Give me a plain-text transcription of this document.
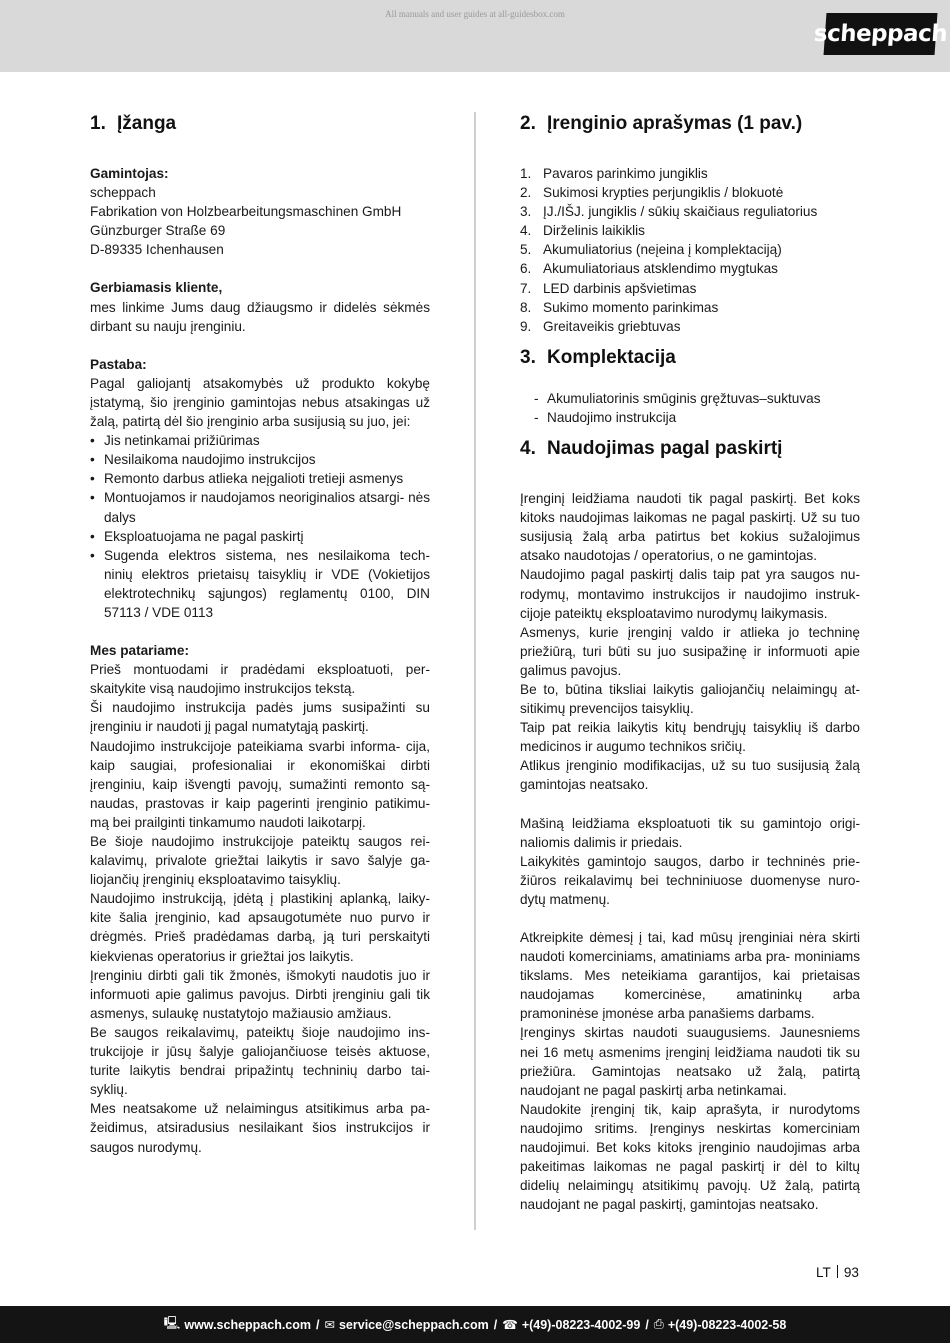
All manuals and user guides at all-guidesbox.com
scheppach
1. Įžanga
Gamintojas:
scheppach
Fabrikation von Holzbearbeitungsmaschinen GmbH
Günzburger Straße 69
D-89335 Ichenhausen
Gerbiamasis kliente,
mes linkime Jums daug džiaugsmo ir didelės sėkmės dirbant su nauju įrenginiu.
Pastaba:
Pagal galiojantį atsakomybės už produkto kokybę įstatymą, šio įrenginio gamintojas nebus atsakingas už žalą, patirtą dėl šio įrenginio arba susijusią su juo, jei:
• Jis netinkamai prižiūrimas
• Nesilaikoma naudojimo instrukcijos
• Remonto darbus atlieka neįgalioti tretieji asmenys
• Montuojamos ir naudojamos neoriginalios atsargi- nės dalys
• Eksploatuojama ne pagal paskirtį
• Sugenda elektros sistema, nes nesilaikoma tech- ninių elektros prietaisų taisyklių ir VDE (Vokietijos elektrotechnikų sąjungos) reglamentų 0100, DIN 57113 / VDE 0113
Mes patariame:
Prieš montuodami ir pradėdami eksploatuoti, per- skaitykite visą naudojimo instrukcijos tekstą.
Ši naudojimo instrukcija padės jums susipažinti su įrenginiu ir naudoti jį pagal numatytąją paskirtį.
Naudojimo instrukcijoje pateikiama svarbi informa- cija, kaip saugiai, profesionaliai ir ekonomiškai dirbti įrenginiu, kaip išvengti pavojų, sumažinti remonto są- naudas, prastovas ir kaip pagerinti įrenginio patikimu- mą bei prailginti tinkamumo naudoti laikotarpį.
Be šioje naudojimo instrukcijoje pateiktų saugos rei- kalavimų, privalote griežtai laikytis ir savo šalyje ga- liojančių įrenginių eksploatavimo taisyklių.
Naudojimo instrukciją, įdėtą į plastikinį aplanką, laiky- kite šalia įrenginio, kad apsaugotumėte nuo purvo ir drėgmės. Prieš pradėdamas darbą, ją turi perskaityti kiekvienas operatorius ir griežtai jos laikytis.
Įrenginiu dirbti gali tik žmonės, išmokyti naudotis juo ir informuoti apie galimus pavojus. Dirbti įrenginiu gali tik asmenys, sulaukę nustatytojo mažiausio amžiaus.
Be saugos reikalavimų, pateiktų šioje naudojimo ins- trukcijoje ir jūsų šalyje galiojančiuose teisės aktuose, turite laikytis bendrai pripažintų techninių darbo tai- syklių.
Mes neatsakome už nelaimingus atsitikimus arba pa- žeidimus, atsiradusius nesilaikant šios instrukcijos ir saugos nurodymų.
2. Įrenginio aprašymas (1 pav.)
1. Pavaros parinkimo jungiklis
2. Sukimosi krypties perjungiklis / blokuotė
3. ĮJ./IŠJ. jungiklis / sūkių skaičiaus reguliatorius
4. Dirželinis laikiklis
5. Akumuliatorius (neįeina į komplektaciją)
6. Akumuliatoriaus atsklendimo mygtukas
7. LED darbinis apšvietimas
8. Sukimo momento parinkimas
9. Greitaveikis griebtuvas
3. Komplektacija
- Akumuliatorinis smūginis gręžtuvas–suktuvas
- Naudojimo instrukcija
4. Naudojimas pagal paskirtį
Įrenginį leidžiama naudoti tik pagal paskirtį. Bet koks kitoks naudojimas laikomas ne pagal paskirtį. Už su tuo susijusią žalą arba patirtus bet kokius sužalojimus atsako naudotojas / operatorius, o ne gamintojas.
Naudojimo pagal paskirtį dalis taip pat yra saugos nu- rodymų, montavimo instrukcijos ir naudojimo instruk- cijoje pateiktų eksploatavimo nurodymų laikymasis.
Asmenys, kurie įrenginį valdo ir atlieka jo techninę priežiūrą, turi būti su juo susipažinę ir informuoti apie galimus pavojus.
Be to, būtina tiksliai laikytis galiojančių nelaimingų at- sitikimų prevencijos taisyklių.
Taip pat reikia laikytis kitų bendrųjų taisyklių iš darbo medicinos ir augumo technikos sričių.
Atlikus įrenginio modifikacijas, už su tuo susijusią žalą gamintojas neatsako.
Mašiną leidžiama eksploatuoti tik su gamintojo origi- naliomis dalimis ir priedais.
Laikykitės gamintojo saugos, darbo ir techninės prie- žiūros reikalavimų bei techniniuose duomenyse nuro- dytų matmenų.
Atkreipkite dėmesį į tai, kad mūsų įrenginiai nėra skirti naudoti komerciniams, amatiniams arba pra- moniniams tikslams. Mes neteikiama garantijos, kai prietaisas naudojamas komercinėse, amatininkų arba pramoninėse įmonėse arba panašiems darbams.
Įrenginys skirtas naudoti suaugusiems. Jaunesniems nei 16 metų asmenims įrenginį leidžiama naudoti tik su priežiūra. Gamintojas neatsako už žalą, patirtą naudojant ne pagal paskirtį arba netinkamai.
Naudokite įrenginį tik, kaip aprašyta, ir nurodytoms naudojimo sritims. Įrenginys neskirtas komerciniam naudojimui. Bet koks kitoks įrenginio naudojimas arba pakeitimas laikomas ne pagal paskirtį ir dėl to kiltų didelių nelaimingų atsitikimų pavojų. Už žalą, patirtą naudojant ne pagal paskirtį, gamintojas neatsako.
LT 93
🖳 www.scheppach.com / ✉ service@scheppach.com / ☎ +(49)-08223-4002-99 / ⎙ +(49)-08223-4002-58
